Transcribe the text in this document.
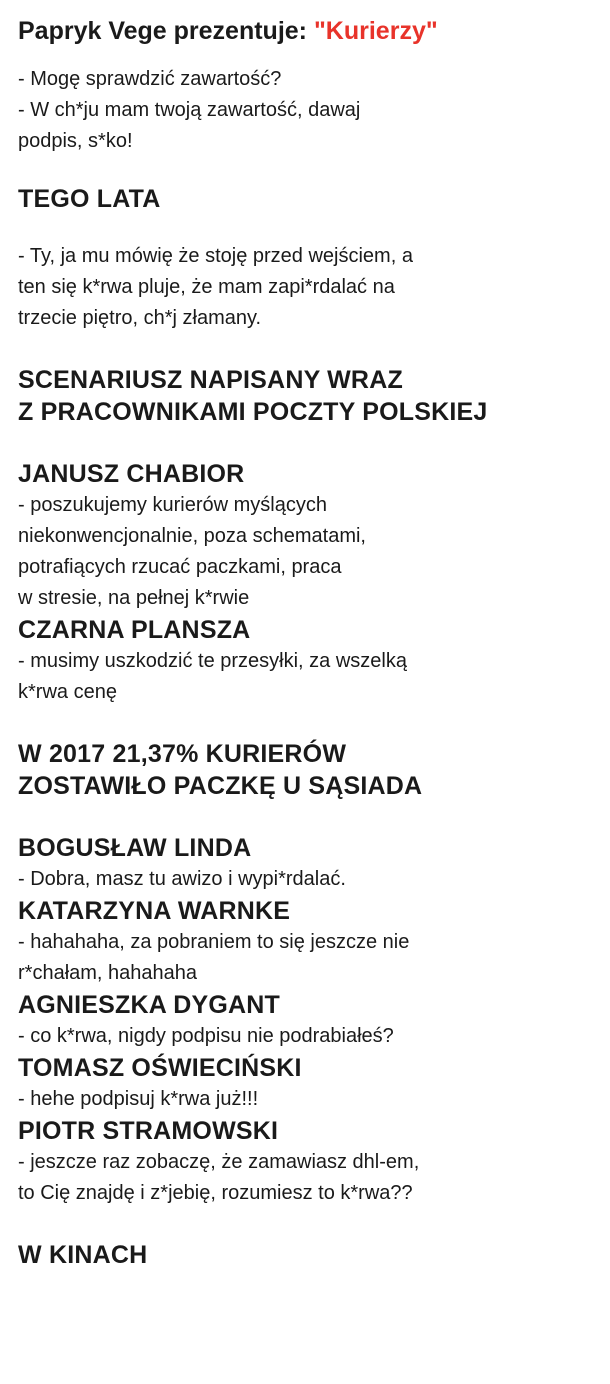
Papryk Vege prezentuje: "Kurierzy"

- Mogę sprawdzić zawartość?

- W ch*ju mam twoją zawartość, dawaj

podpis, s*ko!

TEGO LATA

- Ty, ja mu mówię że stoję przed wejściem, a

ten się k*rwa pluje, że mam zapi*rdalać na

trzecie piętro, ch*j złamany.

SCENARIUSZ NAPISANY WRAZ

Z PRACOWNIKAMI POCZTY POLSKIEJ

JANUSZ CHABIOR

- poszukujemy kurierów myślących

niekonwencjonalnie, poza schematami,

potrafiących rzucać paczkami, praca

w stresie, na pełnej k*rwie

CZARNA PLANSZA

- musimy uszkodzić te przesyłki, za wszelką

k*rwa cenę

W 2017 21,37% KURIERÓW

ZOSTAWIŁO PACZKĘ U SĄSIADA

BOGUSŁAW LINDA

- Dobra, masz tu awizo i wypi*rdalać.

KATARZYNA WARNKE

- hahahaha, za pobraniem to się jeszcze nie

r*chałam, hahahaha

AGNIESZKA DYGANT

- co k*rwa, nigdy podpisu nie podrabiałeś?

TOMASZ OŚWIECIŃSKI

- hehe podpisuj k*rwa już!!!

PIOTR STRAMOWSKI

- jeszcze raz zobaczę, że zamawiasz dhl-em,

to Cię znajdę i z*jebię, rozumiesz to k*rwa??

W KINACH
